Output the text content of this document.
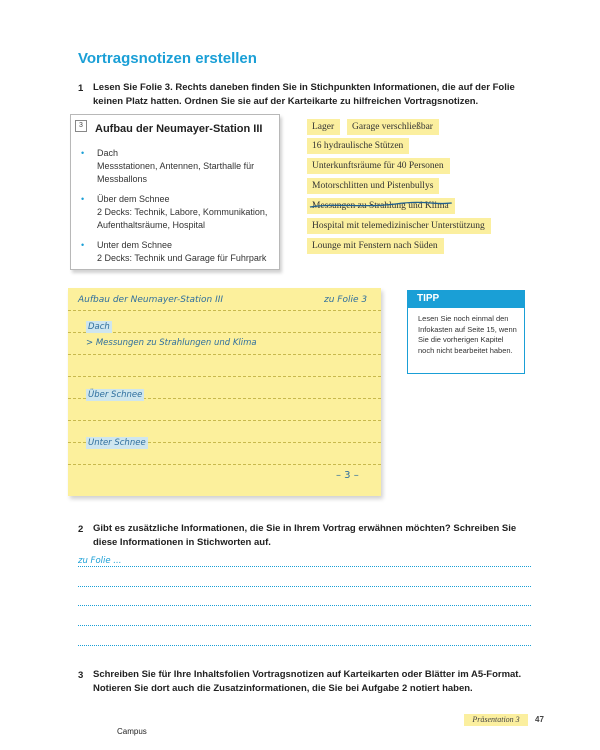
Vortragsnotizen erstellen
1 Lesen Sie Folie 3. Rechts daneben finden Sie in Stichpunkten Informationen, die auf der Folie keinen Platz hatten. Ordnen Sie sie auf der Karteikarte zu hilfreichen Vortragsnotizen.
3	Aufbau der Neumayer-Station III
•	Dach
Messstationen, Antennen, Starthalle für Messballons
•	Über dem Schnee
2 Decks: Technik, Labore, Kommunikation, Aufenthaltsräume, Hospital
•	Unter dem Schnee
2 Decks: Technik und Garage für Fuhrpark
Lager	Garage verschließbar
16 hydraulische Stützen
Unterkunftsräume für 40 Personen
Motorschlitten und Pistenbullys
Messungen zu Strahlung und Klima
Hospital mit telemedizinischer Unterstützung
Lounge mit Fenstern nach Süden
Aufbau der Neumayer-Station III	zu Folie 3
Dach
> Messungen zu Strahlungen und Klima
Über Schnee
Unter Schnee
– 3 –
TIPP
Lesen Sie noch einmal den Infokasten auf Seite 15, wenn Sie die vorherigen Kapitel noch nicht bearbeitet haben.
2 Gibt es zusätzliche Informationen, die Sie in Ihrem Vortrag erwähnen möchten? Schreiben Sie diese Informationen in Stichworten auf.
zu Folie ...
3 Schreiben Sie für Ihre Inhaltsfolien Vortragsnotizen auf Karteikarten oder Blätter im A5-Format. Notieren Sie dort auch die Zusatzinformationen, die Sie bei Aufgabe 2 notiert haben.
Präsentation 3	47
Campus
